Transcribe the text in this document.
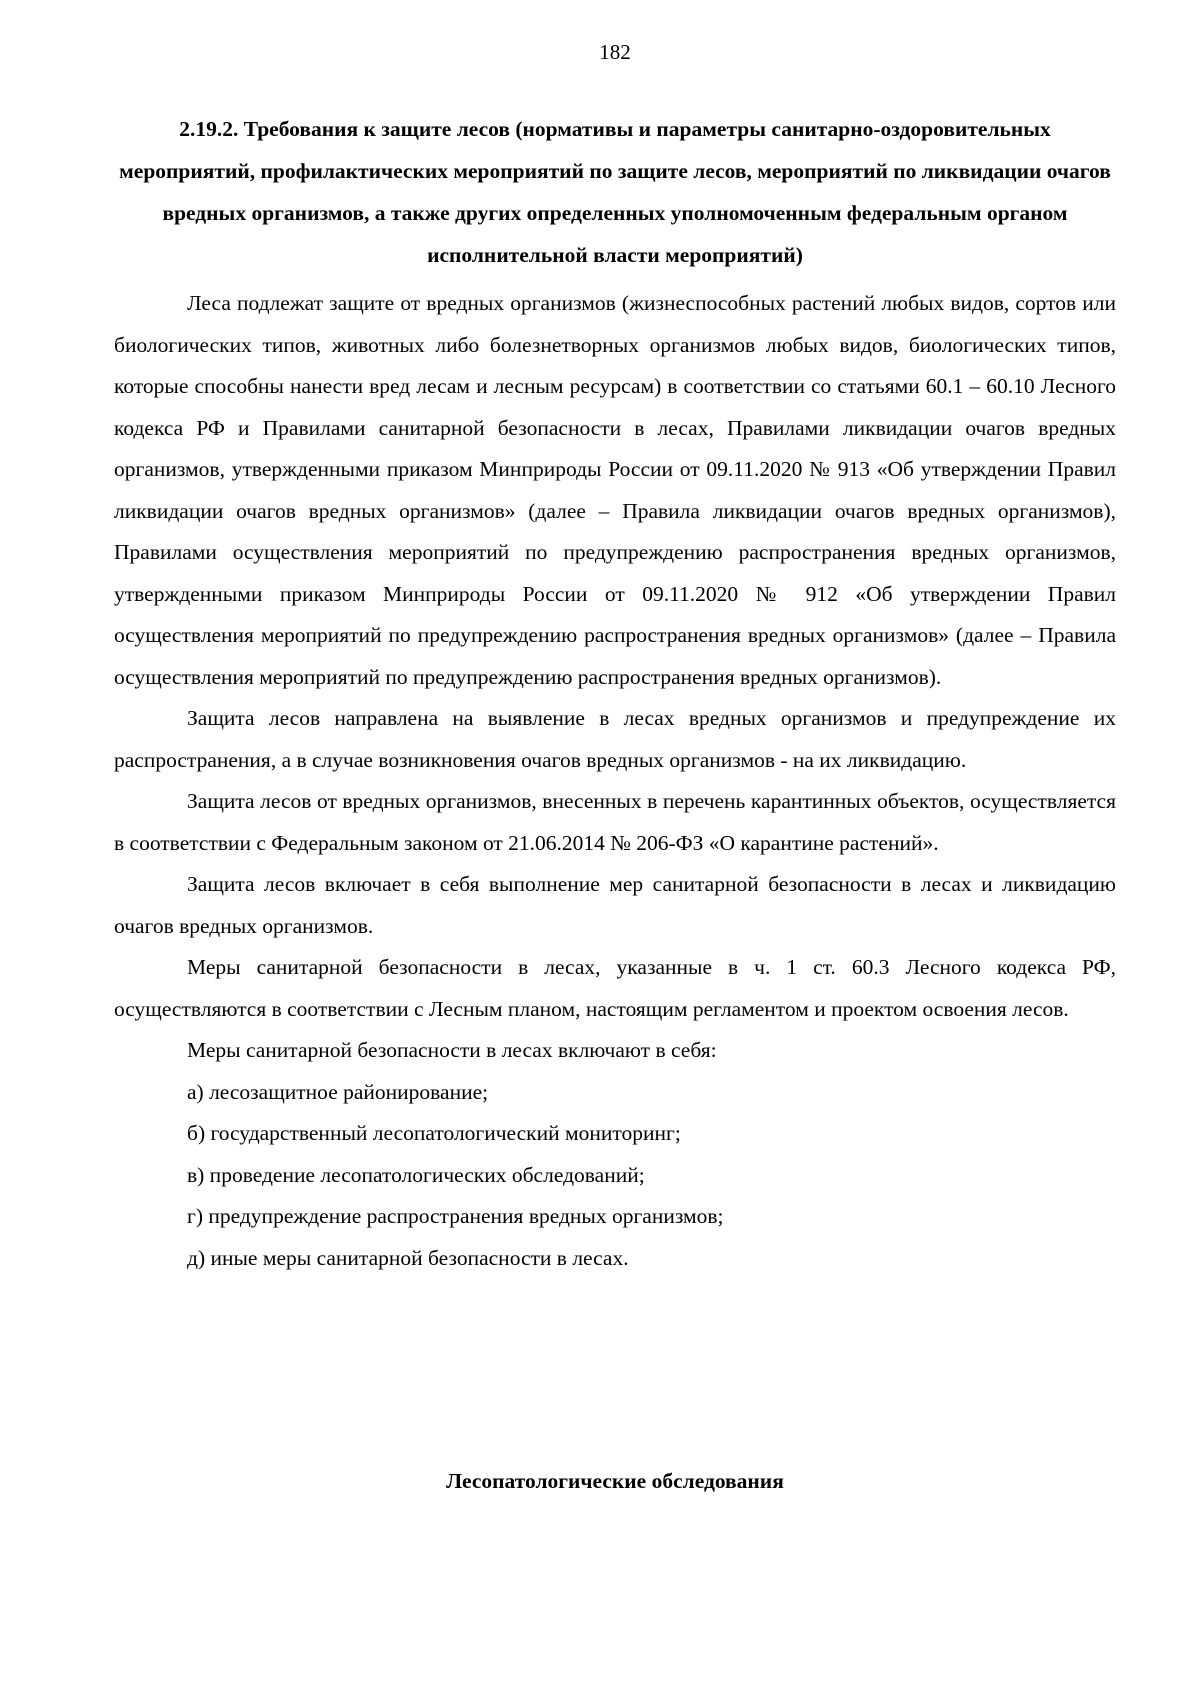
182
2.19.2. Требования к защите лесов (нормативы и параметры санитарно-оздоровительных мероприятий, профилактических мероприятий по защите лесов, мероприятий по ликвидации очагов вредных организмов, а также других определенных уполномоченным федеральным органом исполнительной власти мероприятий)

Леса подлежат защите от вредных организмов (жизнеспособных растений любых видов, сортов или биологических типов, животных либо болезнетворных организмов любых видов, биологических типов, которые способны нанести вред лесам и лесным ресурсам) в соответствии со статьями 60.1 – 60.10 Лесного кодекса РФ и Правилами санитарной безопасности в лесах, Правилами ликвидации очагов вредных организмов, утвержденными приказом Минприроды России от 09.11.2020 № 913 «Об утверждении Правил ликвидации очагов вредных организмов» (далее – Правила ликвидации очагов вредных организмов), Правилами осуществления мероприятий по предупреждению распространения вредных организмов, утвержденными приказом Минприроды России от 09.11.2020 № 912 «Об утверждении Правил осуществления мероприятий по предупреждению распространения вредных организмов» (далее – Правила осуществления мероприятий по предупреждению распространения вредных организмов).

Защита лесов направлена на выявление в лесах вредных организмов и предупреждение их распространения, а в случае возникновения очагов вредных организмов - на их ликвидацию.

Защита лесов от вредных организмов, внесенных в перечень карантинных объектов, осуществляется в соответствии с Федеральным законом от 21.06.2014 № 206-ФЗ «О карантине растений».

Защита лесов включает в себя выполнение мер санитарной безопасности в лесах и ликвидацию очагов вредных организмов.

Меры санитарной безопасности в лесах, указанные в ч. 1 ст. 60.3 Лесного кодекса РФ, осуществляются в соответствии с Лесным планом, настоящим регламентом и проектом освоения лесов.

Меры санитарной безопасности в лесах включают в себя:

а) лесозащитное районирование;
б) государственный лесопатологический мониторинг;
в) проведение лесопатологических обследований;
г) предупреждение распространения вредных организмов;
д) иные меры санитарной безопасности в лесах.
Лесопатологические обследования
